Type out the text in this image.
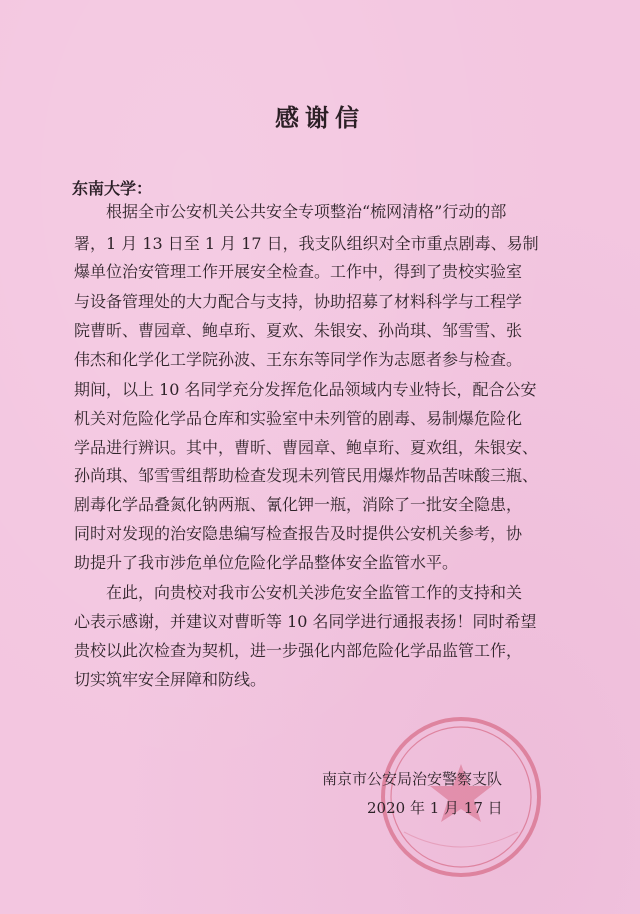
感谢信
东南大学：
根据全市公安机关公共安全专项整治“梳网清格”行动的部
署，1 月 13 日至 1 月 17 日，我支队组织对全市重点剧毒、易制
爆单位治安管理工作开展安全检查。工作中，得到了贵校实验室
与设备管理处的大力配合与支持，协助招募了材料科学与工程学
院曹昕、曹园章、鲍卓珩、夏欢、朱银安、孙尚琪、邹雪雪、张
伟杰和化学化工学院孙波、王东东等同学作为志愿者参与检查。
期间，以上 10 名同学充分发挥危化品领域内专业特长，配合公安
机关对危险化学品仓库和实验室中未列管的剧毒、易制爆危险化
学品进行辨识。其中，曹昕、曹园章、鲍卓珩、夏欢组，朱银安、
孙尚琪、邹雪雪组帮助检查发现未列管民用爆炸物品苦味酸三瓶、
剧毒化学品叠氮化钠两瓶、氰化钾一瓶，消除了一批安全隐患，
同时对发现的治安隐患编写检查报告及时提供公安机关参考，协
助提升了我市涉危单位危险化学品整体安全监管水平。
在此，向贵校对我市公安机关涉危安全监管工作的支持和关
心表示感谢，并建议对曹昕等 10 名同学进行通报表扬！同时希望
贵校以此次检查为契机，进一步强化内部危险化学品监管工作，
切实筑牢安全屏障和防线。
南京市公安局治安警察支队
2020 年 1 月 17 日
